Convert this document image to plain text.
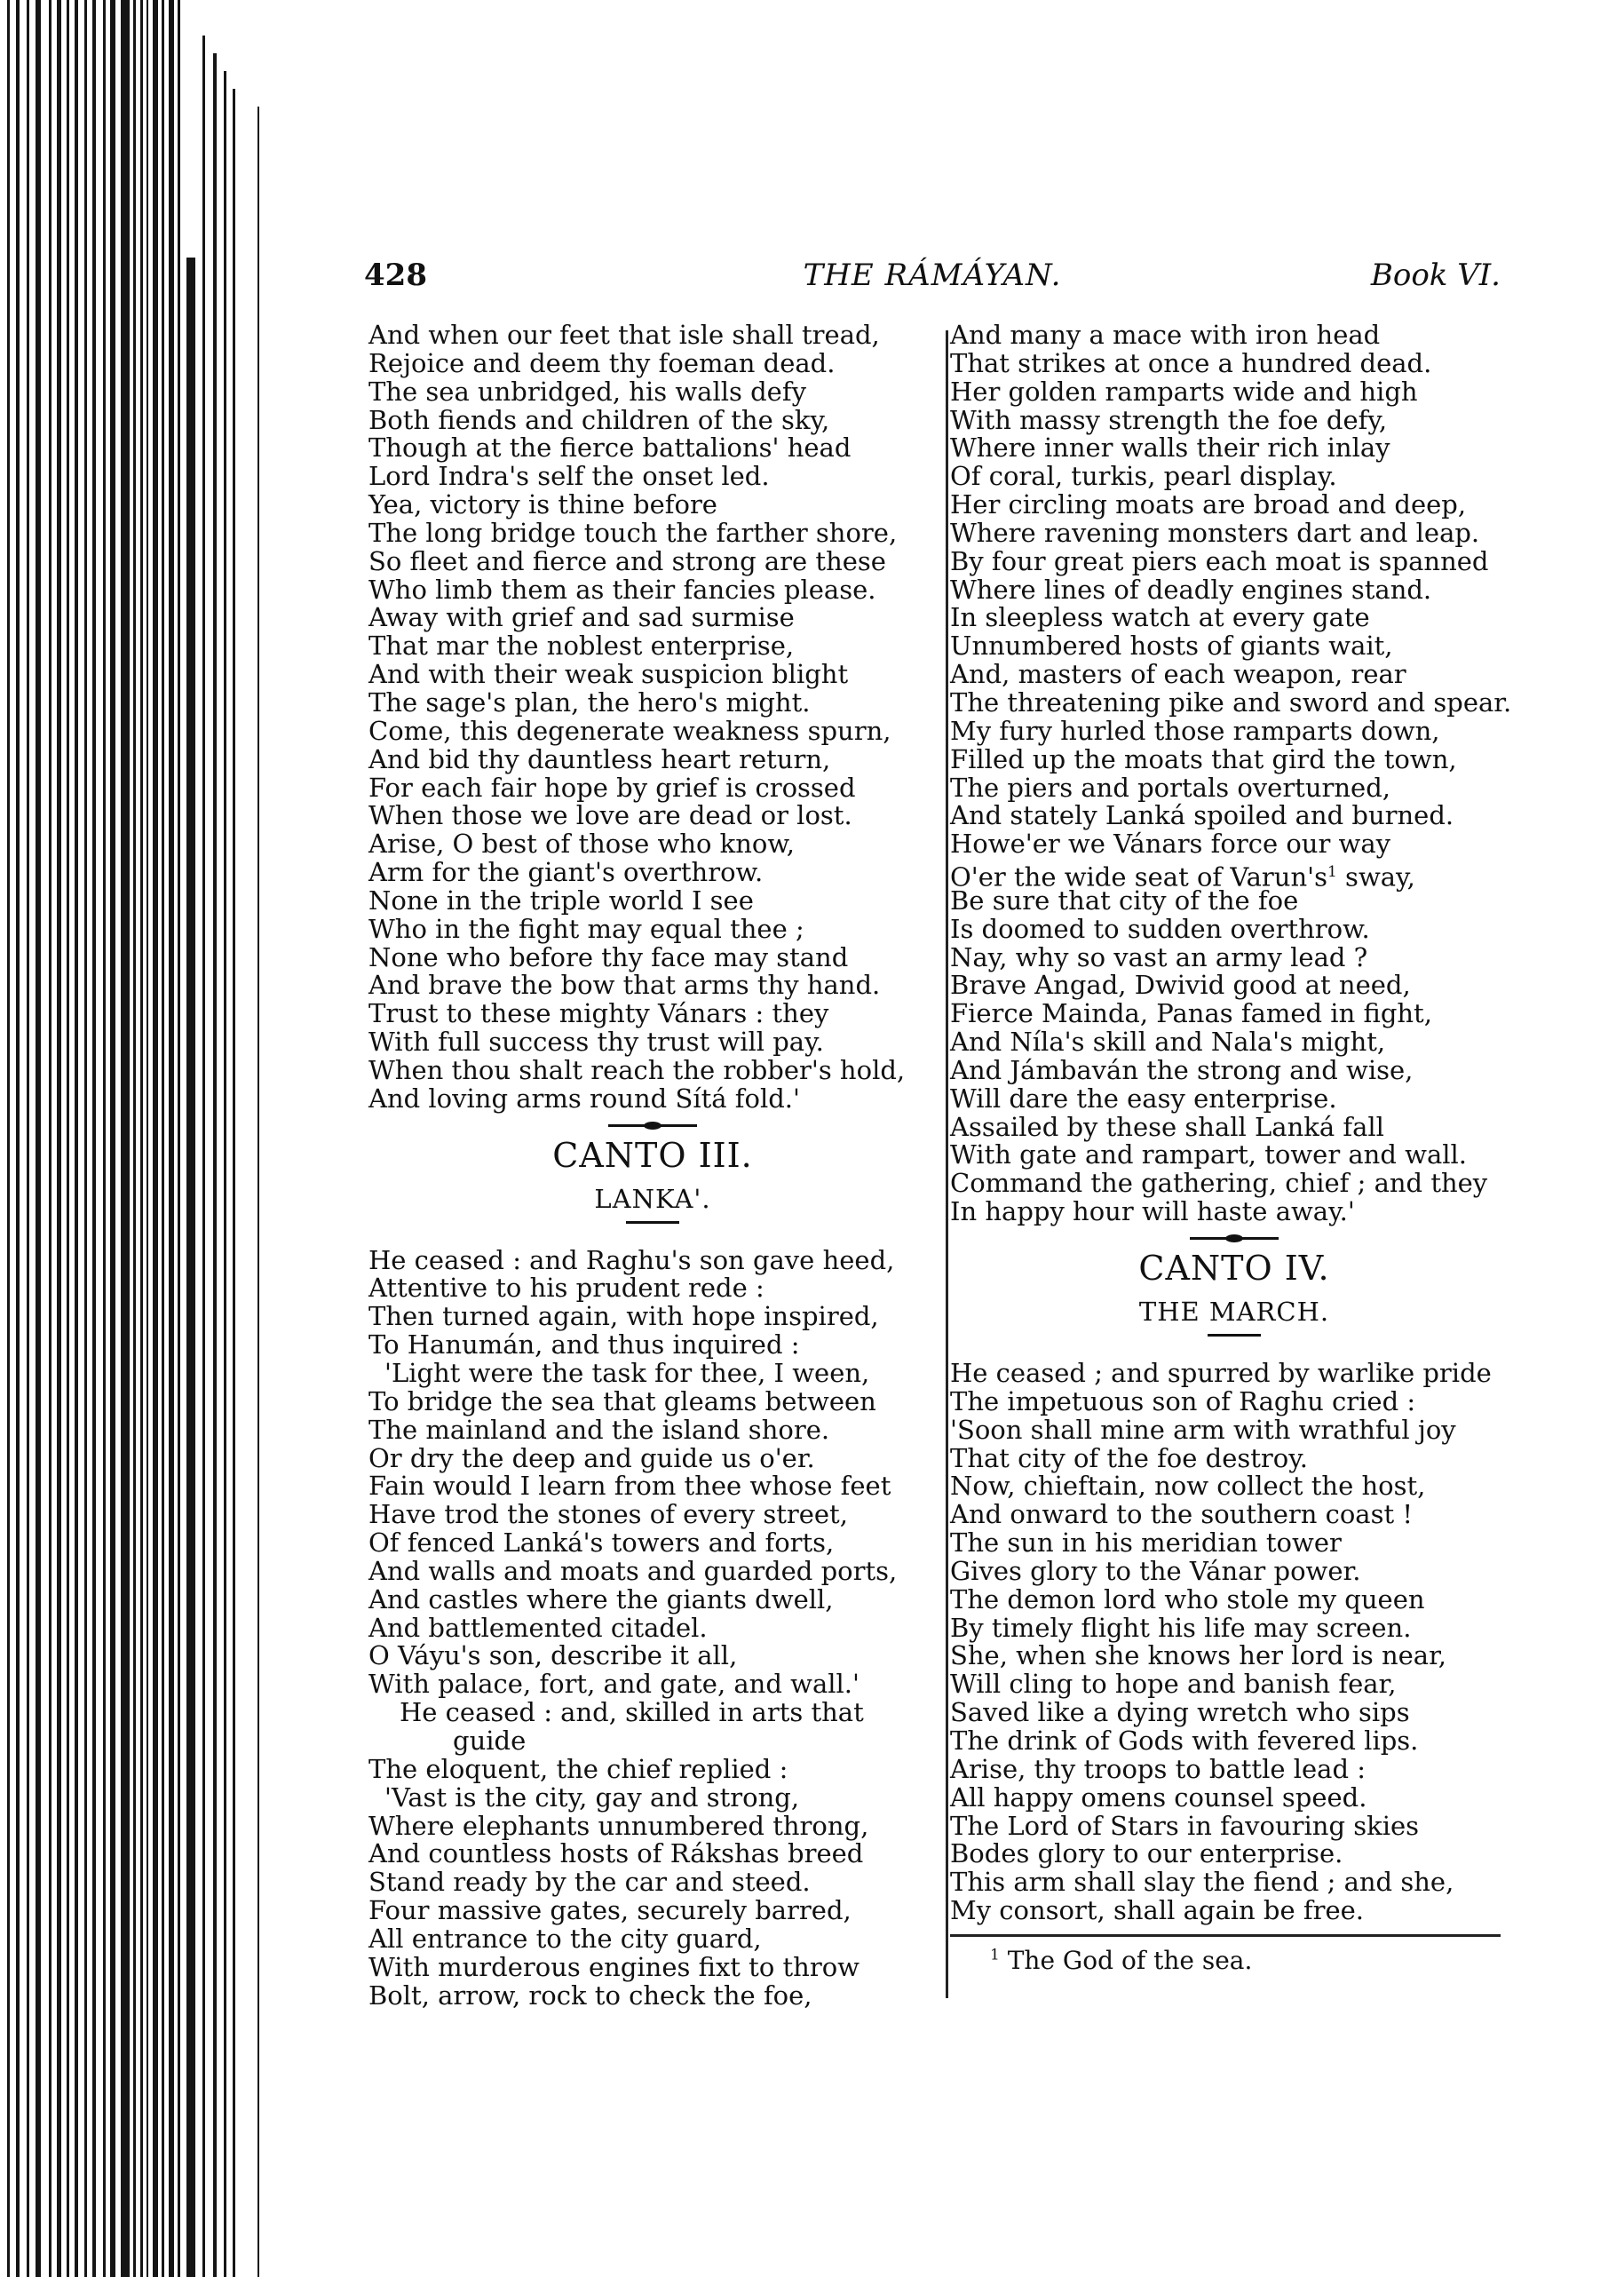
428	THE RÁMÁYAN.	Book VI.
And when our feet that isle shall tread,
Rejoice and deem thy foeman dead.
The sea unbridged, his walls defy
Both fiends and children of the sky,
Though at the fierce battalions' head
Lord Indra's self the onset led.
Yea, victory is thine before
The long bridge touch the farther shore,
So fleet and fierce and strong are these
Who limb them as their fancies please.
Away with grief and sad surmise
That mar the noblest enterprise,
And with their weak suspicion blight
The sage's plan, the hero's might.
Come, this degenerate weakness spurn,
And bid thy dauntless heart return,
For each fair hope by grief is crossed
When those we love are dead or lost.
Arise, O best of those who know,
Arm for the giant's overthrow.
None in the triple world I see
Who in the fight may equal thee ;
None who before thy face may stand
And brave the bow that arms thy hand.
Trust to these mighty Vánars : they
With full success thy trust will pay.
When thou shalt reach the robber's hold,
And loving arms round Sítá fold.'
CANTO III.
LANKA'.
He ceased : and Raghu's son gave heed,
Attentive to his prudent rede :
Then turned again, with hope inspired,
To Hanumán, and thus inquired :
'Light were the task for thee, I ween,
To bridge the sea that gleams between
The mainland and the island shore.
Or dry the deep and guide us o'er.
Fain would I learn from thee whose feet
Have trod the stones of every street,
Of fenced Lanká's towers and forts,
And walls and moats and guarded ports,
And castles where the giants dwell,
And battlemented citadel.
O Váyu's son, describe it all,
With palace, fort, and gate, and wall.'
He ceased : and, skilled in arts that
guide
The eloquent, the chief replied :
'Vast is the city, gay and strong,
Where elephants unnumbered throng,
And countless hosts of Rákshas breed
Stand ready by the car and steed.
Four massive gates, securely barred,
All entrance to the city guard,
With murderous engines fixt to throw
Bolt, arrow, rock to check the foe,
And many a mace with iron head
That strikes at once a hundred dead.
Her golden ramparts wide and high
With massy strength the foe defy,
Where inner walls their rich inlay
Of coral, turkis, pearl display.
Her circling moats are broad and deep,
Where ravening monsters dart and leap.
By four great piers each moat is spanned
Where lines of deadly engines stand.
In sleepless watch at every gate
Unnumbered hosts of giants wait,
And, masters of each weapon, rear
The threatening pike and sword and spear.
My fury hurled those ramparts down,
Filled up the moats that gird the town,
The piers and portals overturned,
And stately Lanká spoiled and burned.
Howe'er we Vánars force our way
O'er the wide seat of $Varun's^1$ sway,
Be sure that city of the foe
Is doomed to sudden overthrow.
Nay, why so vast an army lead ?
Brave Angad, Dwivid good at need,
Fierce Mainda, Panas famed in fight,
And Níla's skill and Nala's might,
And Jámbaván the strong and wise,
Will dare the easy enterprise.
Assailed by these shall Lanká fall
With gate and rampart, tower and wall.
Command the gathering, chief ; and they
In happy hour will haste away.'
CANTO IV.
THE MARCH.
He ceased ; and spurred by warlike pride
The impetuous son of Raghu cried :
'Soon shall mine arm with wrathful joy
That city of the foe destroy.
Now, chieftain, now collect the host,
And onward to the southern coast !
The sun in his meridian tower
Gives glory to the Vánar power.
The demon lord who stole my queen
By timely flight his life may screen.
She, when she knows her lord is near,
Will cling to hope and banish fear,
Saved like a dying wretch who sips
The drink of Gods with fevered lips.
Arise, thy troops to battle lead :
All happy omens counsel speed.
The Lord of Stars in favouring skies
Bodes glory to our enterprise.
This arm shall slay the fiend ; and she,
My consort, shall again be free.
$^1$ The God of the sea.
